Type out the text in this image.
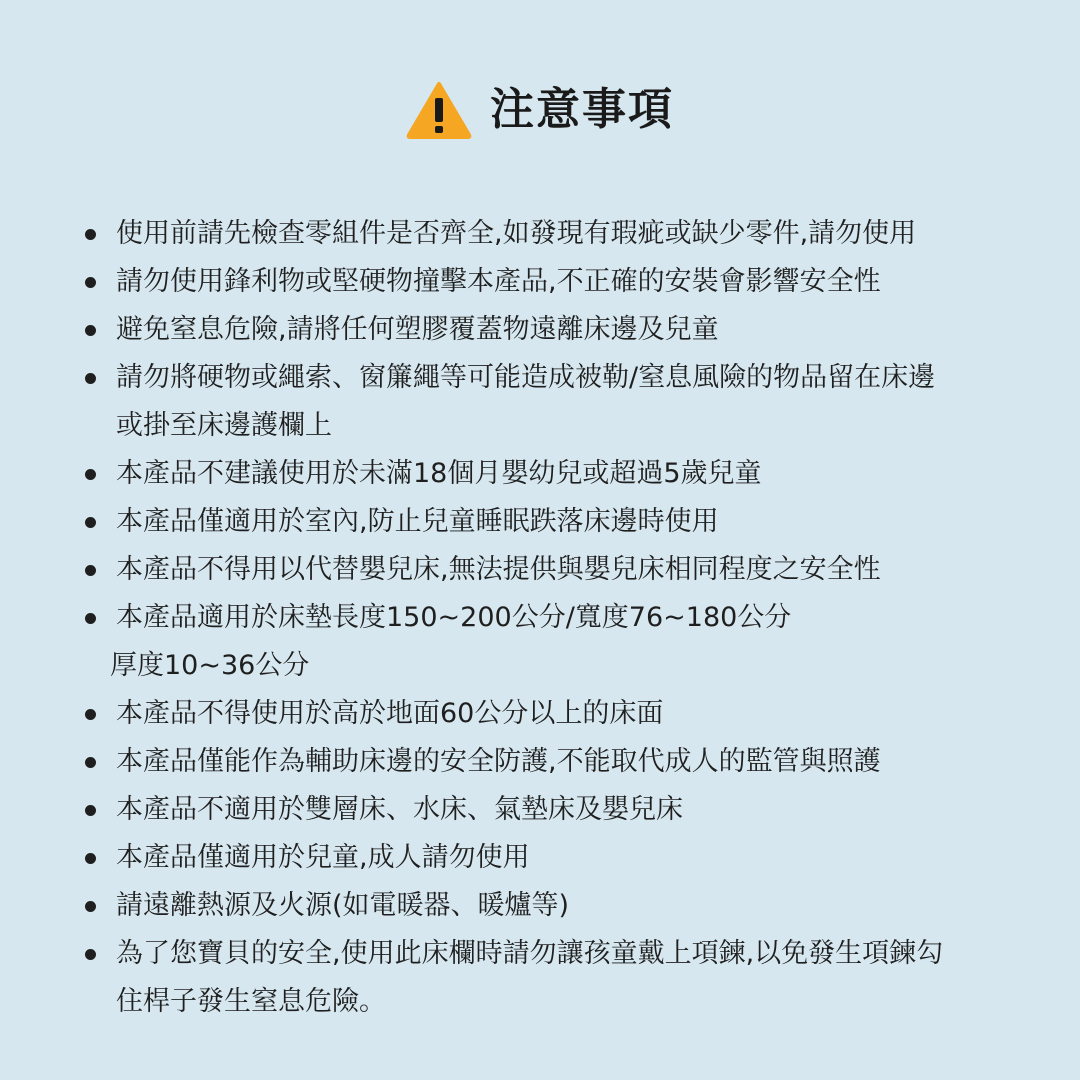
注意事項
使用前請先檢查零組件是否齊全,如發現有瑕疵或缺少零件,請勿使用
請勿使用鋒利物或堅硬物撞擊本產品,不正確的安裝會影響安全性
避免窒息危險,請將任何塑膠覆蓋物遠離床邊及兒童
請勿將硬物或繩索、窗簾繩等可能造成被勒/窒息風險的物品留在床邊
或掛至床邊護欄上
本產品不建議使用於未滿18個月嬰幼兒或超過5歲兒童
本產品僅適用於室內,防止兒童睡眠跌落床邊時使用
本產品不得用以代替嬰兒床,無法提供與嬰兒床相同程度之安全性
本產品適用於床墊長度150~200公分/寬度76~180公分
厚度10~36公分
本產品不得使用於高於地面60公分以上的床面
本產品僅能作為輔助床邊的安全防護,不能取代成人的監管與照護
本產品不適用於雙層床、水床、氣墊床及嬰兒床
本產品僅適用於兒童,成人請勿使用
請遠離熱源及火源(如電暖器、暖爐等)
為了您寶貝的安全,使用此床欄時請勿讓孩童戴上項鍊,以免發生項鍊勾
住桿子發生窒息危險。
